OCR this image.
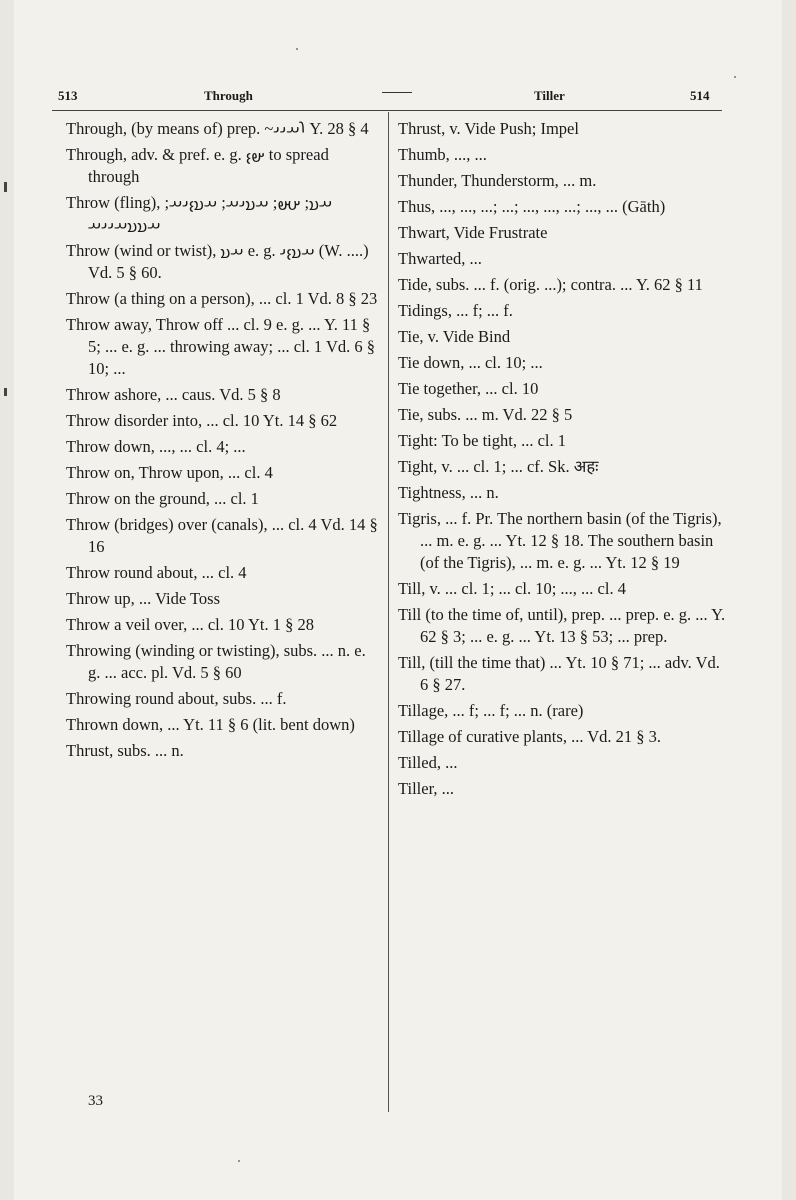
513	Through	Tiller	514

Through, (by means of) prep. ~𐬭𐬀𐬌𐬌 Y. 28 § 4

Through, adv. & pref. e. g. 𐬵𐬆 to spread through

Throw (fling), 𐬀𐬯; 𐬀𐬵; 𐬀𐬯𐬌𐬀; 𐬀𐬯𐬆𐬌𐬀; 𐬀𐬯𐬯𐬀𐬌𐬌𐬀

Throw (wind or twist), 𐬀𐬯 e. g. 𐬀𐬯𐬆𐬌 (W. ....) Vd. 5 § 60.

Throw (a thing on a person), ... cl. 1 Vd. 8 § 23

Throw away, Throw off ... cl. 9 e. g. ... Y. 11 § 5; ... e. g. ... throwing away; ... cl. 1 Vd. 6 § 10; ...

Throw ashore, ... caus. Vd. 5 § 8

Throw disorder into, ... cl. 10 Yt. 14 § 62

Throw down, ..., ... cl. 4; ...

Throw on, Throw upon, ... cl. 4

Throw on the ground, ... cl. 1

Throw (bridges) over (canals), ... cl. 4 Vd. 14 § 16

Throw round about, ... cl. 4

Throw up, ... Vide Toss

Throw a veil over, ... cl. 10 Yt. 1 § 28

Throwing (winding or twisting), subs. ... n. e. g. ... acc. pl. Vd. 5 § 60

Throwing round about, subs. ... f.

Thrown down, ... Yt. 11 § 6 (lit. bent down)

Thrust, subs. ... n.

Thrust, v. Vide Push; Impel

Thumb, ..., ...

Thunder, Thunderstorm, ... m.

Thus, ..., ..., ...; ...; ..., ..., ...; ..., ... (Gāth)

Thwart, Vide Frustrate

Thwarted, ...

Tide, subs. ... f. (orig. ...); contra. ... Y. 62 § 11

Tidings, ... f; ... f.

Tie, v. Vide Bind

Tie down, ... cl. 10; ...

Tie together, ... cl. 10

Tie, subs. ... m. Vd. 22 § 5

Tight: To be tight, ... cl. 1

Tight, v. ... cl. 1; ... cf. Sk. अहः

Tightness, ... n.

Tigris, ... f. Pr. The northern basin (of the Tigris), ... m. e. g. ... Yt. 12 § 18. The southern basin (of the Tigris), ... m. e. g. ... Yt. 12 § 19

Till, v. ... cl. 1; ... cl. 10; ..., ... cl. 4

Till (to the time of, until), prep. ... prep. e. g. ... Y. 62 § 3; ... e. g. ... Yt. 13 § 53; ... prep.

Till, (till the time that) ... Yt. 10 § 71; ... adv. Vd. 6 § 27.

Tillage, ... f; ... f; ... n. (rare)

Tillage of curative plants, ... Vd. 21 § 3.

Tilled, ...

Tiller, ...

33
